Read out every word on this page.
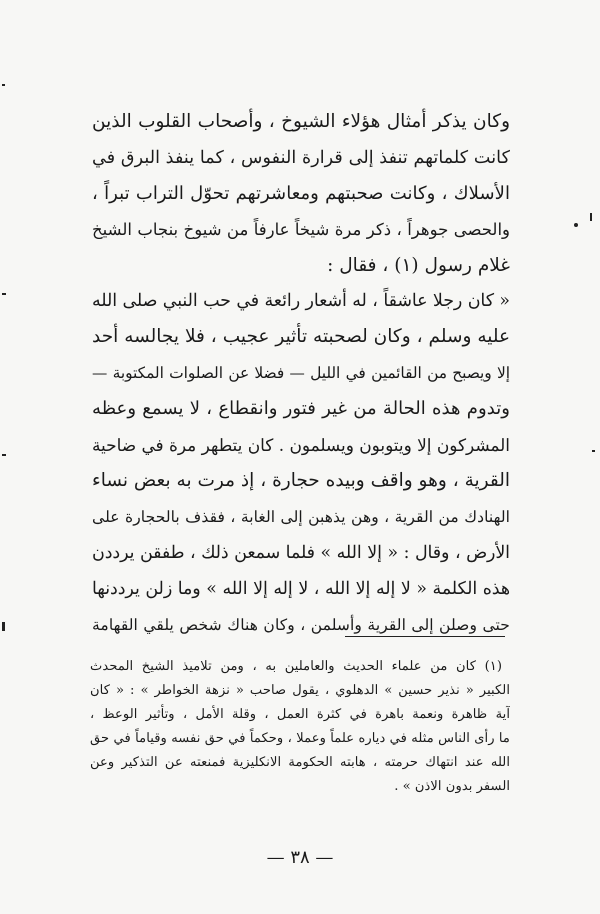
وكان يذكر أمثال هؤلاء الشيوخ ، وأصحاب القلوب الذين
كانت كلماتهم تنفذ إلى قرارة النفوس ، كما ينفذ البرق في
الأسلاك ، وكانت صحبتهم ومعاشرتهم تحوّل التراب تبراً ،
والحصى جوهراً ، ذكر مرة شيخاً عارفاً من شيوخ بنجاب الشيخ
غلام رسول (١) ، فقال :
« كان رجلا عاشقاً ، له أشعار رائعة في حب النبي صلى الله
عليه وسلم ، وكان لصحبته تأثير عجيب ، فلا يجالسه أحد
إلا ويصبح من القائمين في الليل — فضلا عن الصلوات المكتوبة —
وتدوم هذه الحالة من غير فتور وانقطاع ، لا يسمع وعظه
المشركون إلا ويتوبون ويسلمون . كان يتطهر مرة في ضاحية
القرية ، وهو واقف وبيده حجارة ، إذ مرت به بعض نساء
الهنادك من القرية ، وهن يذهبن إلى الغابة ، فقذف بالحجارة على
الأرض ، وقال : « إلا الله » فلما سمعن ذلك ، طفقن يرددن
هذه الكلمة « لا إله إلا الله ، لا إله إلا الله » وما زلن يرددنها
حتى وصلن إلى القرية وأسلمن ، وكان هناك شخص يلقي القهامة
(١) كان من علماء الحديث والعاملين به ، ومن تلاميذ الشيخ المحدث
الكبير « نذير حسين » الدهلوي ، يقول صاحب « نزهة الخواطر » : « كان
آية ظاهرة ونعمة باهرة في كثرة العمل ، وقلة الأمل ، وتأثير الوعظ ،
ما رأى الناس مثله في دياره علماً وعملا ، وحكماً في حق نفسه وقياماً في حق
الله عند انتهاك حرمته ، هابته الحكومة الانكليزية فمنعته عن التذكير وعن
السفر بدون الاذن » .
— ٣٨ —
